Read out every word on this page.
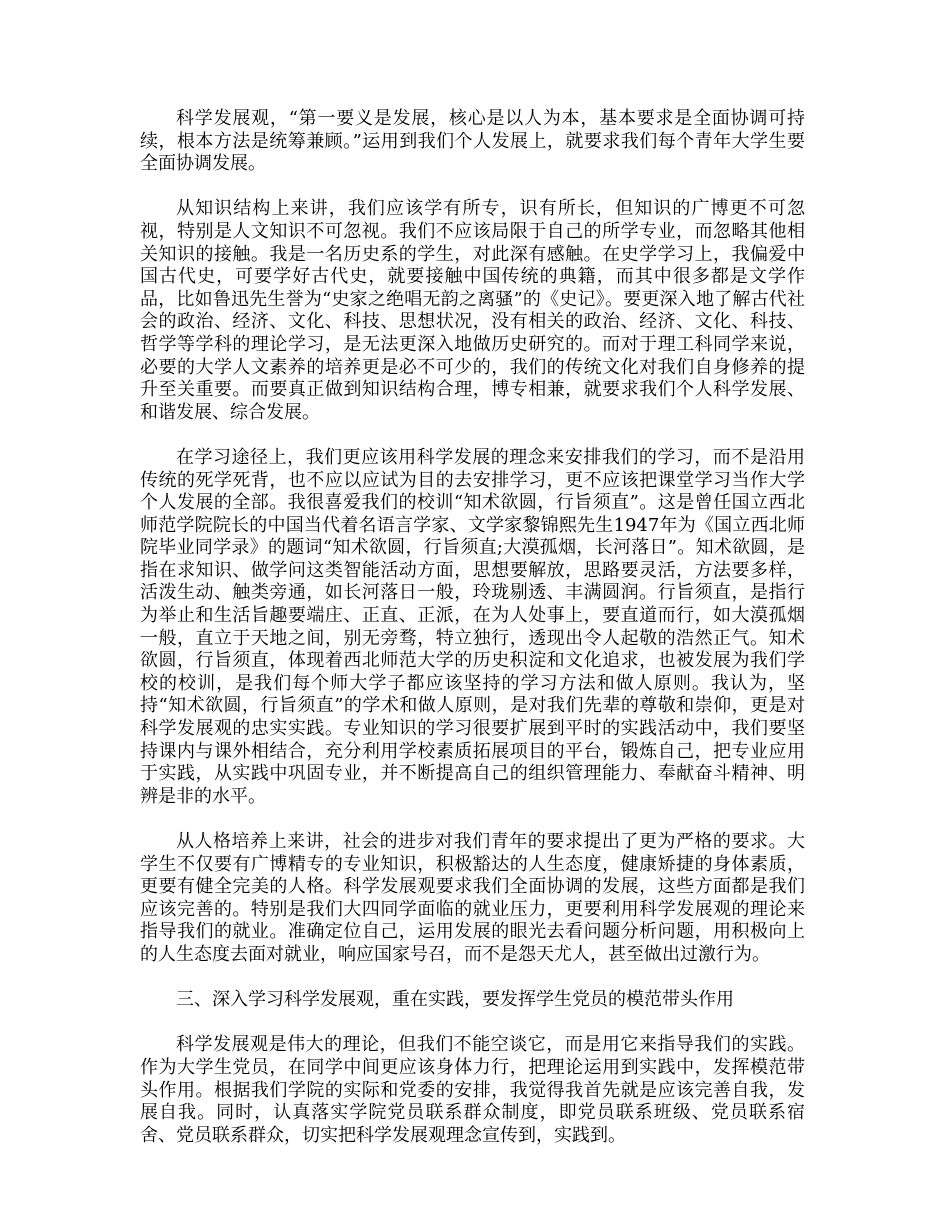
科学发展观，“第一要义是发展，核心是以人为本，基本要求是全面协调可持续，根本方法是统筹兼顾。”运用到我们个人发展上，就要求我们每个青年大学生要全面协调发展。

从知识结构上来讲，我们应该学有所专，识有所长，但知识的广博更不可忽视，特别是人文知识不可忽视。我们不应该局限于自己的所学专业，而忽略其他相关知识的接触。我是一名历史系的学生，对此深有感触。在史学学习上，我偏爱中国古代史，可要学好古代史，就要接触中国传统的典籍，而其中很多都是文学作品，比如鲁迅先生誉为“史家之绝唱无韵之离骚”的《史记》。要更深入地了解古代社会的政治、经济、文化、科技、思想状况，没有相关的政治、经济、文化、科技、哲学等学科的理论学习，是无法更深入地做历史研究的。而对于理工科同学来说，必要的大学人文素养的培养更是必不可少的，我们的传统文化对我们自身修养的提升至关重要。而要真正做到知识结构合理，博专相兼，就要求我们个人科学发展、和谐发展、综合发展。

在学习途径上，我们更应该用科学发展的理念来安排我们的学习，而不是沿用传统的死学死背，也不应以应试为目的去安排学习，更不应该把课堂学习当作大学个人发展的全部。我很喜爱我们的校训“知术欲圆，行旨须直”。这是曾任国立西北师范学院院长的中国当代着名语言学家、文学家黎锦熙先生1947年为《国立西北师院毕业同学录》的题词“知术欲圆，行旨须直;大漠孤烟，长河落日”。知术欲圆，是指在求知识、做学问这类智能活动方面，思想要解放，思路要灵活，方法要多样，活泼生动、触类旁通，如长河落日一般，玲珑剔透、丰满圆润。行旨须直，是指行为举止和生活旨趣要端庄、正直、正派，在为人处事上，要直道而行，如大漠孤烟一般，直立于天地之间，别无旁骛，特立独行，透现出令人起敬的浩然正气。知术欲圆，行旨须直，体现着西北师范大学的历史积淀和文化追求，也被发展为我们学校的校训，是我们每个师大学子都应该坚持的学习方法和做人原则。我认为，坚持“知术欲圆，行旨须直”的学术和做人原则，是对我们先辈的尊敬和崇仰，更是对科学发展观的忠实实践。专业知识的学习很要扩展到平时的实践活动中，我们要坚持课内与课外相结合，充分利用学校素质拓展项目的平台，锻炼自己，把专业应用于实践，从实践中巩固专业，并不断提高自己的组织管理能力、奉献奋斗精神、明辨是非的水平。

从人格培养上来讲，社会的进步对我们青年的要求提出了更为严格的要求。大学生不仅要有广博精专的专业知识，积极豁达的人生态度，健康矫捷的身体素质，更要有健全完美的人格。科学发展观要求我们全面协调的发展，这些方面都是我们应该完善的。特别是我们大四同学面临的就业压力，更要利用科学发展观的理论来指导我们的就业。准确定位自己，运用发展的眼光去看问题分析问题，用积极向上的人生态度去面对就业，响应国家号召，而不是怨天尤人，甚至做出过激行为。

三、深入学习科学发展观，重在实践，要发挥学生党员的模范带头作用

科学发展观是伟大的理论，但我们不能空谈它，而是用它来指导我们的实践。作为大学生党员，在同学中间更应该身体力行，把理论运用到实践中，发挥模范带头作用。根据我们学院的实际和党委的安排，我觉得我首先就是应该完善自我，发展自我。同时，认真落实学院党员联系群众制度，即党员联系班级、党员联系宿舍、党员联系群众，切实把科学发展观理念宣传到，实践到。
